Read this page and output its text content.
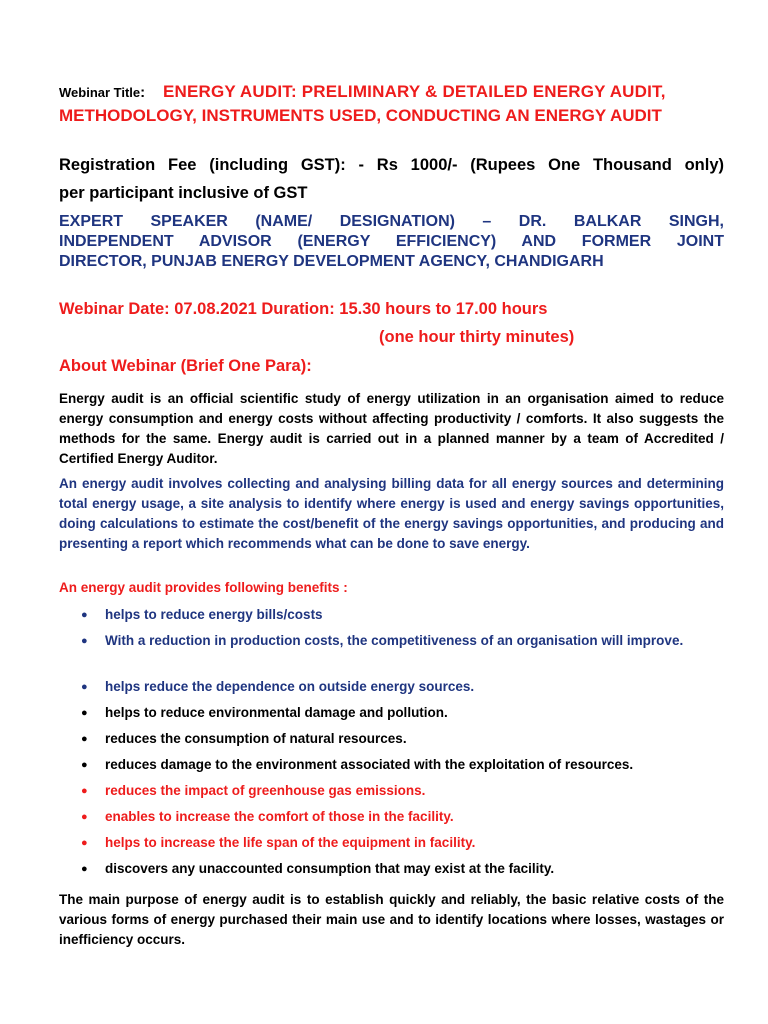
Webinar Title: ENERGY AUDIT: PRELIMINARY & DETAILED ENERGY AUDIT,
METHODOLOGY, INSTRUMENTS USED, CONDUCTING AN ENERGY AUDIT
Registration Fee (including GST): - Rs 1000/- (Rupees One Thousand only)
per participant inclusive of GST
EXPERT SPEAKER (NAME/ DESIGNATION) – DR. BALKAR SINGH,
INDEPENDENT ADVISOR (ENERGY EFFICIENCY) AND FORMER JOINT
DIRECTOR, PUNJAB ENERGY DEVELOPMENT AGENCY, CHANDIGARH
Webinar Date: 07.08.2021 Duration: 15.30 hours to 17.00 hours
(one hour thirty minutes)
About Webinar (Brief One Para):
Energy audit is an official scientific study of energy utilization in an organisation aimed to reduce energy consumption and energy costs without affecting productivity / comforts. It also suggests the methods for the same. Energy audit is carried out in a planned manner by a team of Accredited / Certified Energy Auditor.
An energy audit involves collecting and analysing billing data for all energy sources and determining total energy usage, a site analysis to identify where energy is used and energy savings opportunities, doing calculations to estimate the cost/benefit of the energy savings opportunities, and producing and presenting a report which recommends what can be done to save energy.
An energy audit provides following benefits :
● helps to reduce energy bills/costs
● With a reduction in production costs, the competitiveness of an organisation will improve.
● helps reduce the dependence on outside energy sources.
● helps to reduce environmental damage and pollution.
● reduces the consumption of natural resources.
● reduces damage to the environment associated with the exploitation of resources.
● reduces the impact of greenhouse gas emissions.
● enables to increase the comfort of those in the facility.
● helps to increase the life span of the equipment in facility.
● discovers any unaccounted consumption that may exist at the facility.
The main purpose of energy audit is to establish quickly and reliably, the basic relative costs of the various forms of energy purchased their main use and to identify locations where losses, wastages or inefficiency occurs.
